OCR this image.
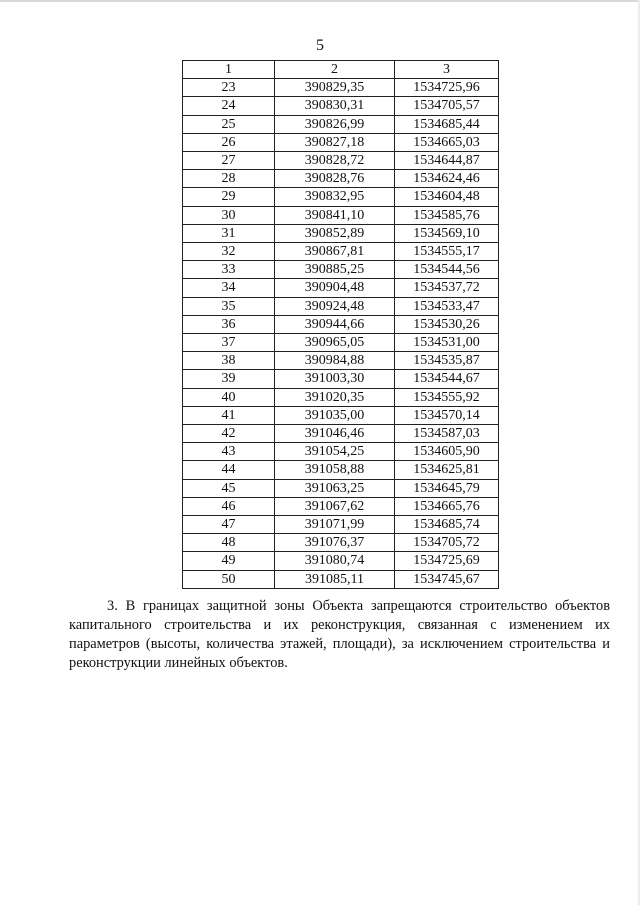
5
1	2	3
23	390829,35	1534725,96
24	390830,31	1534705,57
25	390826,99	1534685,44
26	390827,18	1534665,03
27	390828,72	1534644,87
28	390828,76	1534624,46
29	390832,95	1534604,48
30	390841,10	1534585,76
31	390852,89	1534569,10
32	390867,81	1534555,17
33	390885,25	1534544,56
34	390904,48	1534537,72
35	390924,48	1534533,47
36	390944,66	1534530,26
37	390965,05	1534531,00
38	390984,88	1534535,87
39	391003,30	1534544,67
40	391020,35	1534555,92
41	391035,00	1534570,14
42	391046,46	1534587,03
43	391054,25	1534605,90
44	391058,88	1534625,81
45	391063,25	1534645,79
46	391067,62	1534665,76
47	391071,99	1534685,74
48	391076,37	1534705,72
49	391080,74	1534725,69
50	391085,11	1534745,67

3. В границах защитной зоны Объекта запрещаются строительство объектов капитального строительства и их реконструкция, связанная с изменением их параметров (высоты, количества этажей, площади), за исключением строительства и реконструкции линейных объектов.
